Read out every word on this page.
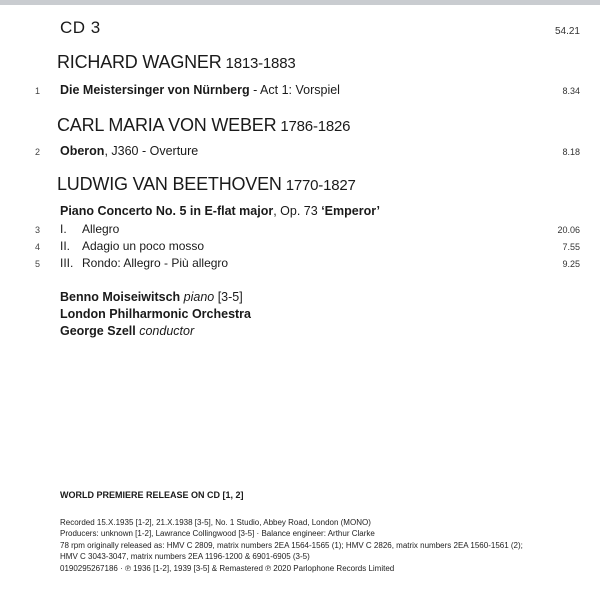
CD 3	54.21
RICHARD WAGNER 1813-1883
1 Die Meistersinger von Nürnberg - Act 1: Vorspiel	8.34
CARL MARIA VON WEBER 1786-1826
2 Oberon, J360 - Overture	8.18
LUDWIG VAN BEETHOVEN 1770-1827
Piano Concerto No. 5 in E-flat major, Op. 73 ‘Emperor’
3 I. Allegro	20.06
4 II. Adagio un poco mosso	7.55
5 III. Rondo: Allegro - Più allegro	9.25
Benno Moiseiwitsch piano [3-5]
London Philharmonic Orchestra
George Szell conductor
WORLD PREMIERE RELEASE ON CD [1, 2]
Recorded 15.X.1935 [1-2], 21.X.1938 [3-5], No. 1 Studio, Abbey Road, London (MONO)
Producers: unknown [1-2], Lawrance Collingwood [3-5] · Balance engineer: Arthur Clarke
78 rpm originally released as: HMV C 2809, matrix numbers 2EA 1564-1565 (1); HMV C 2826, matrix numbers 2EA 1560-1561 (2);
HMV C 3043-3047, matrix numbers 2EA 1196-1200 & 6901-6905 (3-5)
0190295267186 · ℗ 1936 [1-2], 1939 [3-5] & Remastered ℗ 2020 Parlophone Records Limited
